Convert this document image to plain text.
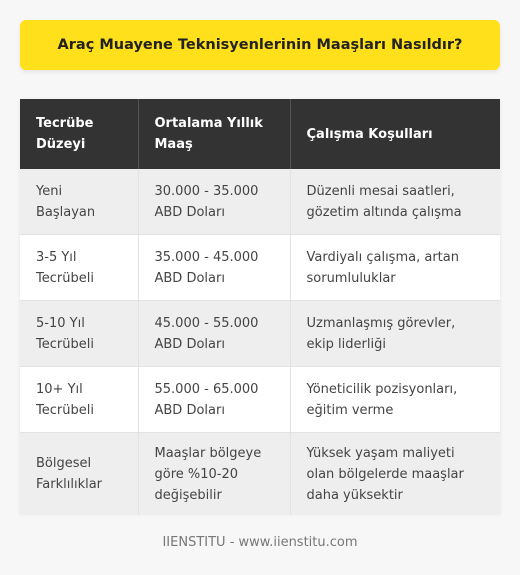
Araç Muayene Teknisyenlerinin Maaşları Nasıldır?
Tecrübe Düzeyi	Ortalama Yıllık Maaş	Çalışma Koşulları
Yeni Başlayan	30.000 - 35.000 ABD Doları	Düzenli mesai saatleri, gözetim altında çalışma
3-5 Yıl Tecrübeli	35.000 - 45.000 ABD Doları	Vardiyalı çalışma, artan sorumluluklar
5-10 Yıl Tecrübeli	45.000 - 55.000 ABD Doları	Uzmanlaşmış görevler, ekip liderliği
10+ Yıl Tecrübeli	55.000 - 65.000 ABD Doları	Yöneticilik pozisyonları, eğitim verme
Bölgesel Farklılıklar	Maaşlar bölgeye göre %10-20 değişebilir	Yüksek yaşam maliyeti olan bölgelerde maaşlar daha yüksektir
IIENSTITU - www.iienstitu.com
